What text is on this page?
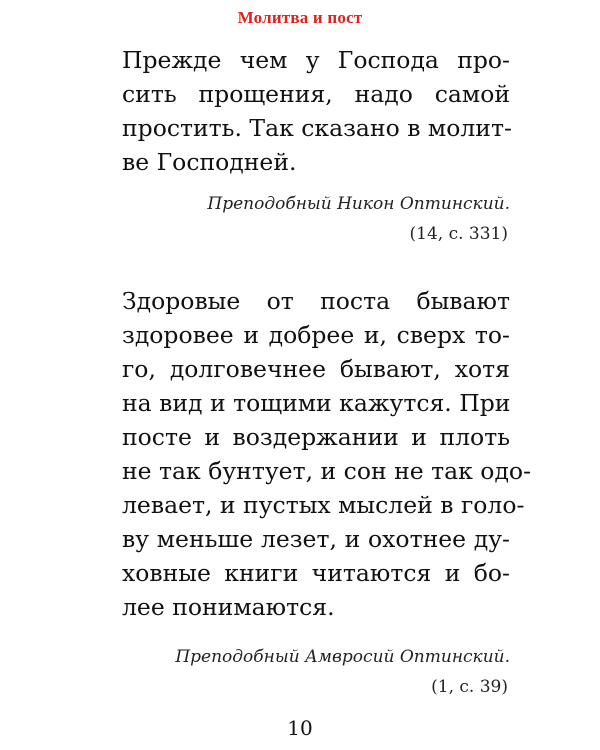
Молитва и пост
Прежде чем у Господа про-
сить прощения, надо самой
простить. Так сказано в молит-
ве Господней.
Преподобный Никон Оптинский.
(14, с. 331)
Здоровые от поста бывают
здоровее и добрее и, сверх то-
го, долговечнее бывают, хотя
на вид и тощими кажутся. При
посте и воздержании и плоть
не так бунтует, и сон не так одо-
левает, и пустых мыслей в голо-
ву меньше лезет, и охотнее ду-
ховные книги читаются и бо-
лее понимаются.
Преподобный Амвросий Оптинский.
(1, с. 39)
10
